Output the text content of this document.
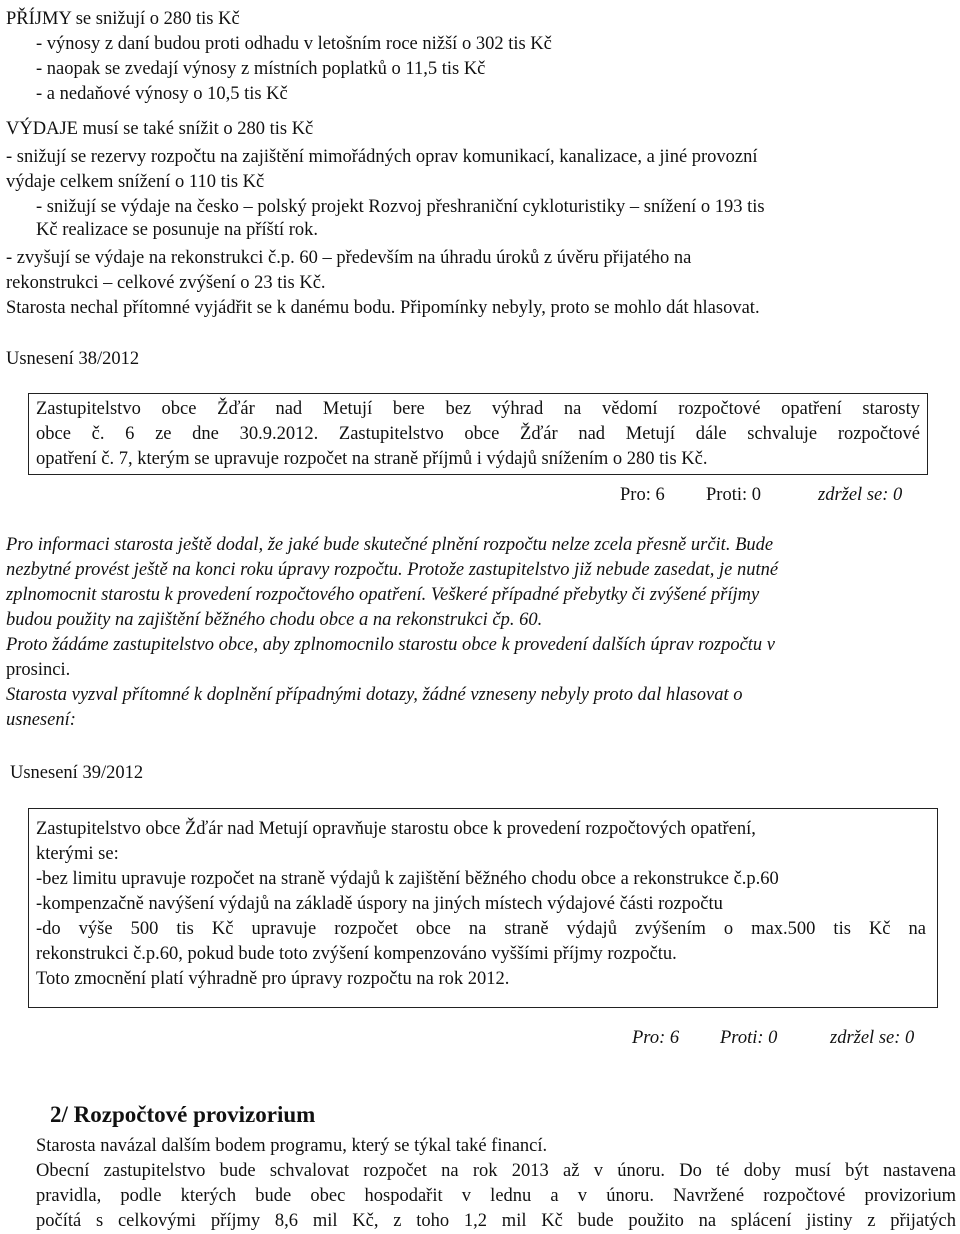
PŘÍJMY se snižují o 280 tis Kč
- výnosy z daní budou proti odhadu v letošním roce nižší o 302 tis Kč
- naopak se zvedají výnosy z místních poplatků o 11,5 tis Kč
- a nedaňové výnosy o 10,5 tis Kč
VÝDAJE musí se také snížit o 280 tis Kč
- snižují se rezervy rozpočtu na zajištění mimořádných oprav komunikací, kanalizace, a jiné provozní
výdaje celkem snížení o 110 tis Kč
- snižují se výdaje na česko – polský projekt Rozvoj přeshraniční cykloturistiky – snížení o 193 tis
Kč realizace se posunuje na příští rok.
- zvyšují se výdaje na rekonstrukci č.p. 60 – především na úhradu úroků z úvěru přijatého na
rekonstrukci – celkové zvýšení o 23 tis Kč.
Starosta nechal přítomné vyjádřit se k danému bodu. Připomínky nebyly, proto se mohlo dát hlasovat.
Usnesení 38/2012
Zastupitelstvo obce Žďár nad Metují bere bez výhrad na vědomí rozpočtové opatření starosty
obce č. 6 ze dne 30.9.2012. Zastupitelstvo obce Žďár nad Metují dále schvaluje rozpočtové
opatření č. 7, kterým se upravuje rozpočet na straně příjmů i výdajů snížením o 280 tis Kč.
Pro: 6 Proti: 0	zdržel se: 0
Pro informaci starosta ještě dodal, že jaké bude skutečné plnění rozpočtu nelze zcela přesně určit. Bude
nezbytné provést ještě na konci roku úpravy rozpočtu. Protože zastupitelstvo již nebude zasedat, je nutné
zplnomocnit starostu k provedení rozpočtového opatření. Veškeré případné přebytky či zvýšené příjmy
budou použity na zajištění běžného chodu obce a na rekonstrukci čp. 60.
Proto žádáme zastupitelstvo obce, aby zplnomocnilo starostu obce k provedení dalších úprav rozpočtu v
prosinci.
Starosta vyzval přítomné k doplnění případnými dotazy, žádné vzneseny nebyly proto dal hlasovat o
usnesení:
Usnesení 39/2012
Zastupitelstvo obce Žďár nad Metují opravňuje starostu obce k provedení rozpočtových opatření,
kterými se:
-bez limitu upravuje rozpočet na straně výdajů k zajištění běžného chodu obce a rekonstrukce č.p.60
-kompenzačně navýšení výdajů na základě úspory na jiných místech výdajové části rozpočtu
-do výše 500 tis Kč upravuje rozpočet obce na straně výdajů zvýšením o max.500 tis Kč na
rekonstrukci č.p.60, pokud bude toto zvýšení kompenzováno vyššími příjmy rozpočtu.
Toto zmocnění platí výhradně pro úpravy rozpočtu na rok 2012.
Pro: 6 Proti: 0	zdržel se: 0
2/ Rozpočtové provizorium
Starosta navázal dalším bodem programu, který se týkal také financí.
Obecní zastupitelstvo bude schvalovat rozpočet na rok 2013 až v únoru. Do té doby musí být nastavena
pravidla, podle kterých bude obec hospodařit v lednu a v únoru. Navržené rozpočtové provizorium
počítá s celkovými příjmy 8,6 mil Kč, z toho 1,2 mil Kč bude použito na splácení jistiny z přijatých
